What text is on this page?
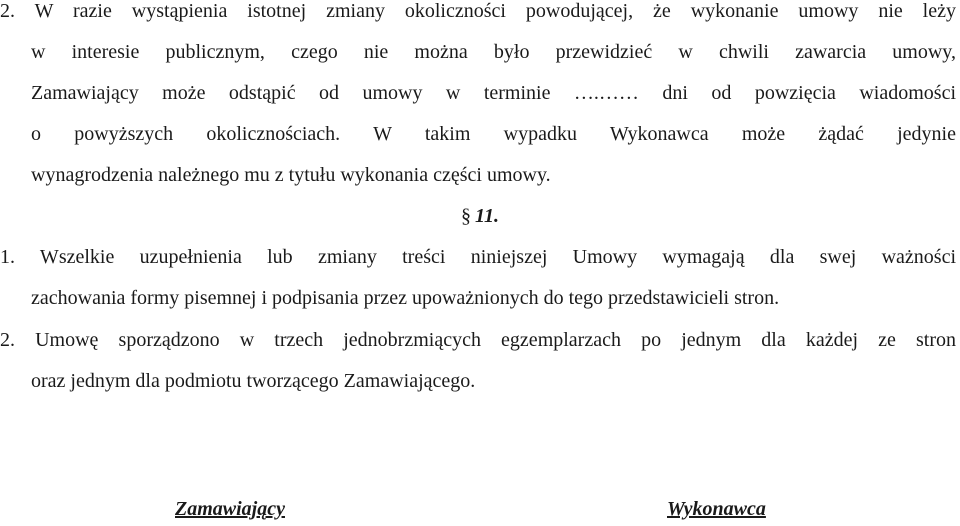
2. W razie wystąpienia istotnej zmiany okoliczności powodującej, że wykonanie umowy nie leży
w interesie publicznym, czego nie można było przewidzieć w chwili zawarcia umowy,
Zamawiający może odstąpić od umowy w terminie ….…… dni od powzięcia wiadomości
o powyższych okolicznościach. W takim wypadku Wykonawca może żądać jedynie
wynagrodzenia należnego mu z tytułu wykonania części umowy.
§ 11.
1. Wszelkie uzupełnienia lub zmiany treści niniejszej Umowy wymagają dla swej ważności
zachowania formy pisemnej i podpisania przez upoważnionych do tego przedstawicieli stron.
2. Umowę sporządzono w trzech jednobrzmiących egzemplarzach po jednym dla każdej ze stron
oraz jednym dla podmiotu tworzącego Zamawiającego.
Zamawiający	Wykonawca
